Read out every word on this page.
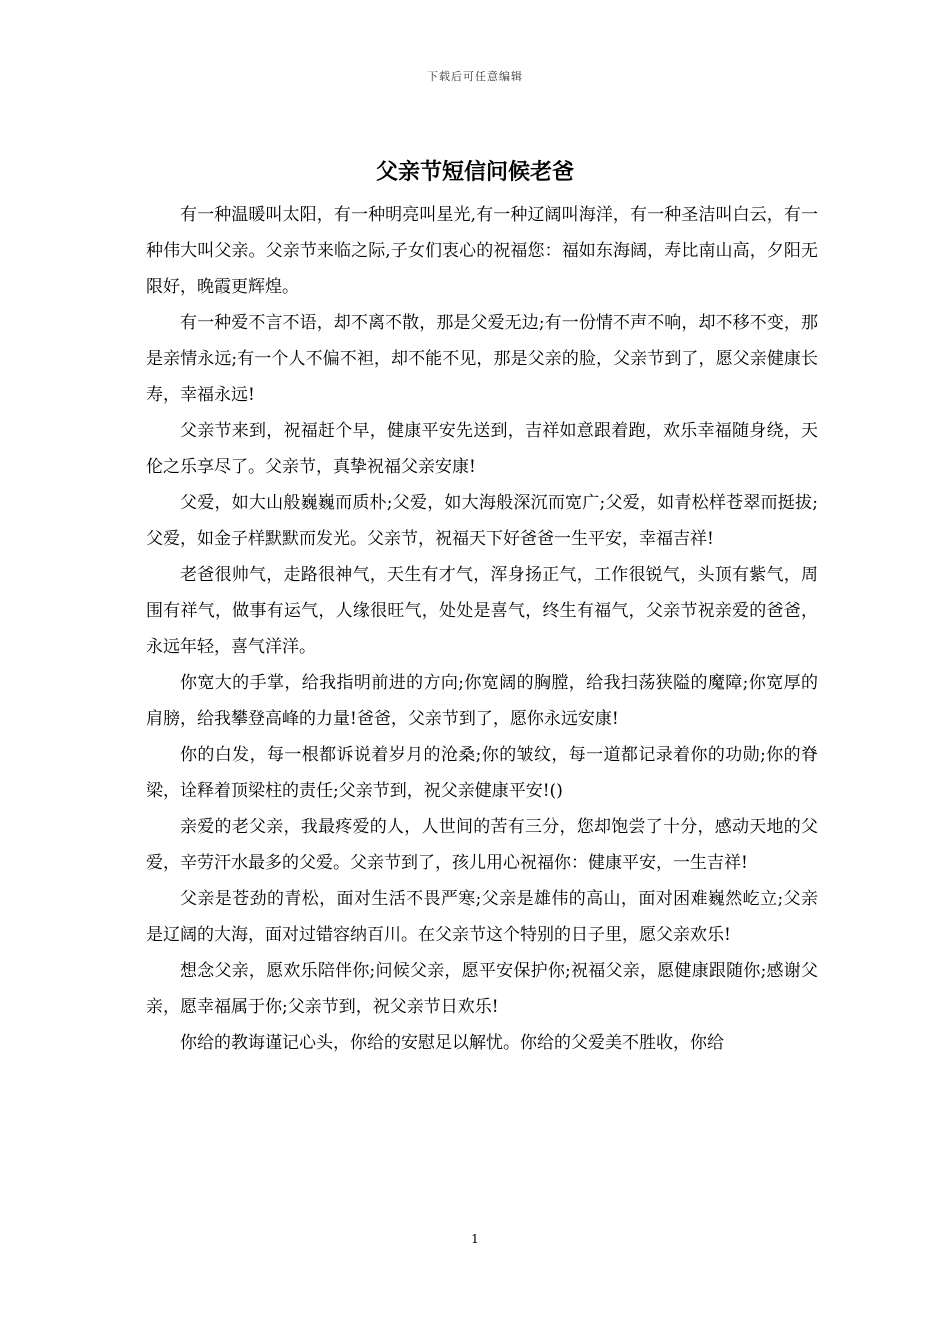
下载后可任意编辑
父亲节短信问候老爸

有一种温暖叫太阳，有一种明亮叫星光,有一种辽阔叫海洋，有一种圣洁叫白云，有一种伟大叫父亲。父亲节来临之际,子女们衷心的祝福您：福如东海阔，寿比南山高，夕阳无限好，晚霞更辉煌。

有一种爱不言不语，却不离不散，那是父爱无边;有一份情不声不响，却不移不变，那是亲情永远;有一个人不偏不袒，却不能不见，那是父亲的脸，父亲节到了，愿父亲健康长寿，幸福永远!

父亲节来到，祝福赶个早，健康平安先送到，吉祥如意跟着跑，欢乐幸福随身绕，天伦之乐享尽了。父亲节，真挚祝福父亲安康!

父爱，如大山般巍巍而质朴;父爱，如大海般深沉而宽广;父爱，如青松样苍翠而挺拔;父爱，如金子样默默而发光。父亲节，祝福天下好爸爸一生平安，幸福吉祥!

老爸很帅气，走路很神气，天生有才气，浑身扬正气，工作很锐气，头顶有紫气，周围有祥气，做事有运气，人缘很旺气，处处是喜气，终生有福气，父亲节祝亲爱的爸爸，永远年轻，喜气洋洋。

你宽大的手掌，给我指明前进的方向;你宽阔的胸膛，给我扫荡狭隘的魔障;你宽厚的肩膀，给我攀登高峰的力量!爸爸，父亲节到了，愿你永远安康!

你的白发，每一根都诉说着岁月的沧桑;你的皱纹，每一道都记录着你的功勋;你的脊梁，诠释着顶梁柱的责任;父亲节到，祝父亲健康平安!()

亲爱的老父亲，我最疼爱的人，人世间的苦有三分，您却饱尝了十分，感动天地的父爱，辛劳汗水最多的父爱。父亲节到了，孩儿用心祝福你：健康平安，一生吉祥!

父亲是苍劲的青松，面对生活不畏严寒;父亲是雄伟的高山，面对困难巍然屹立;父亲是辽阔的大海，面对过错容纳百川。在父亲节这个特别的日子里，愿父亲欢乐!

想念父亲，愿欢乐陪伴你;问候父亲，愿平安保护你;祝福父亲，愿健康跟随你;感谢父亲，愿幸福属于你;父亲节到，祝父亲节日欢乐!

你给的教诲谨记心头，你给的安慰足以解忧。你给的父爱美不胜收，你给

1
